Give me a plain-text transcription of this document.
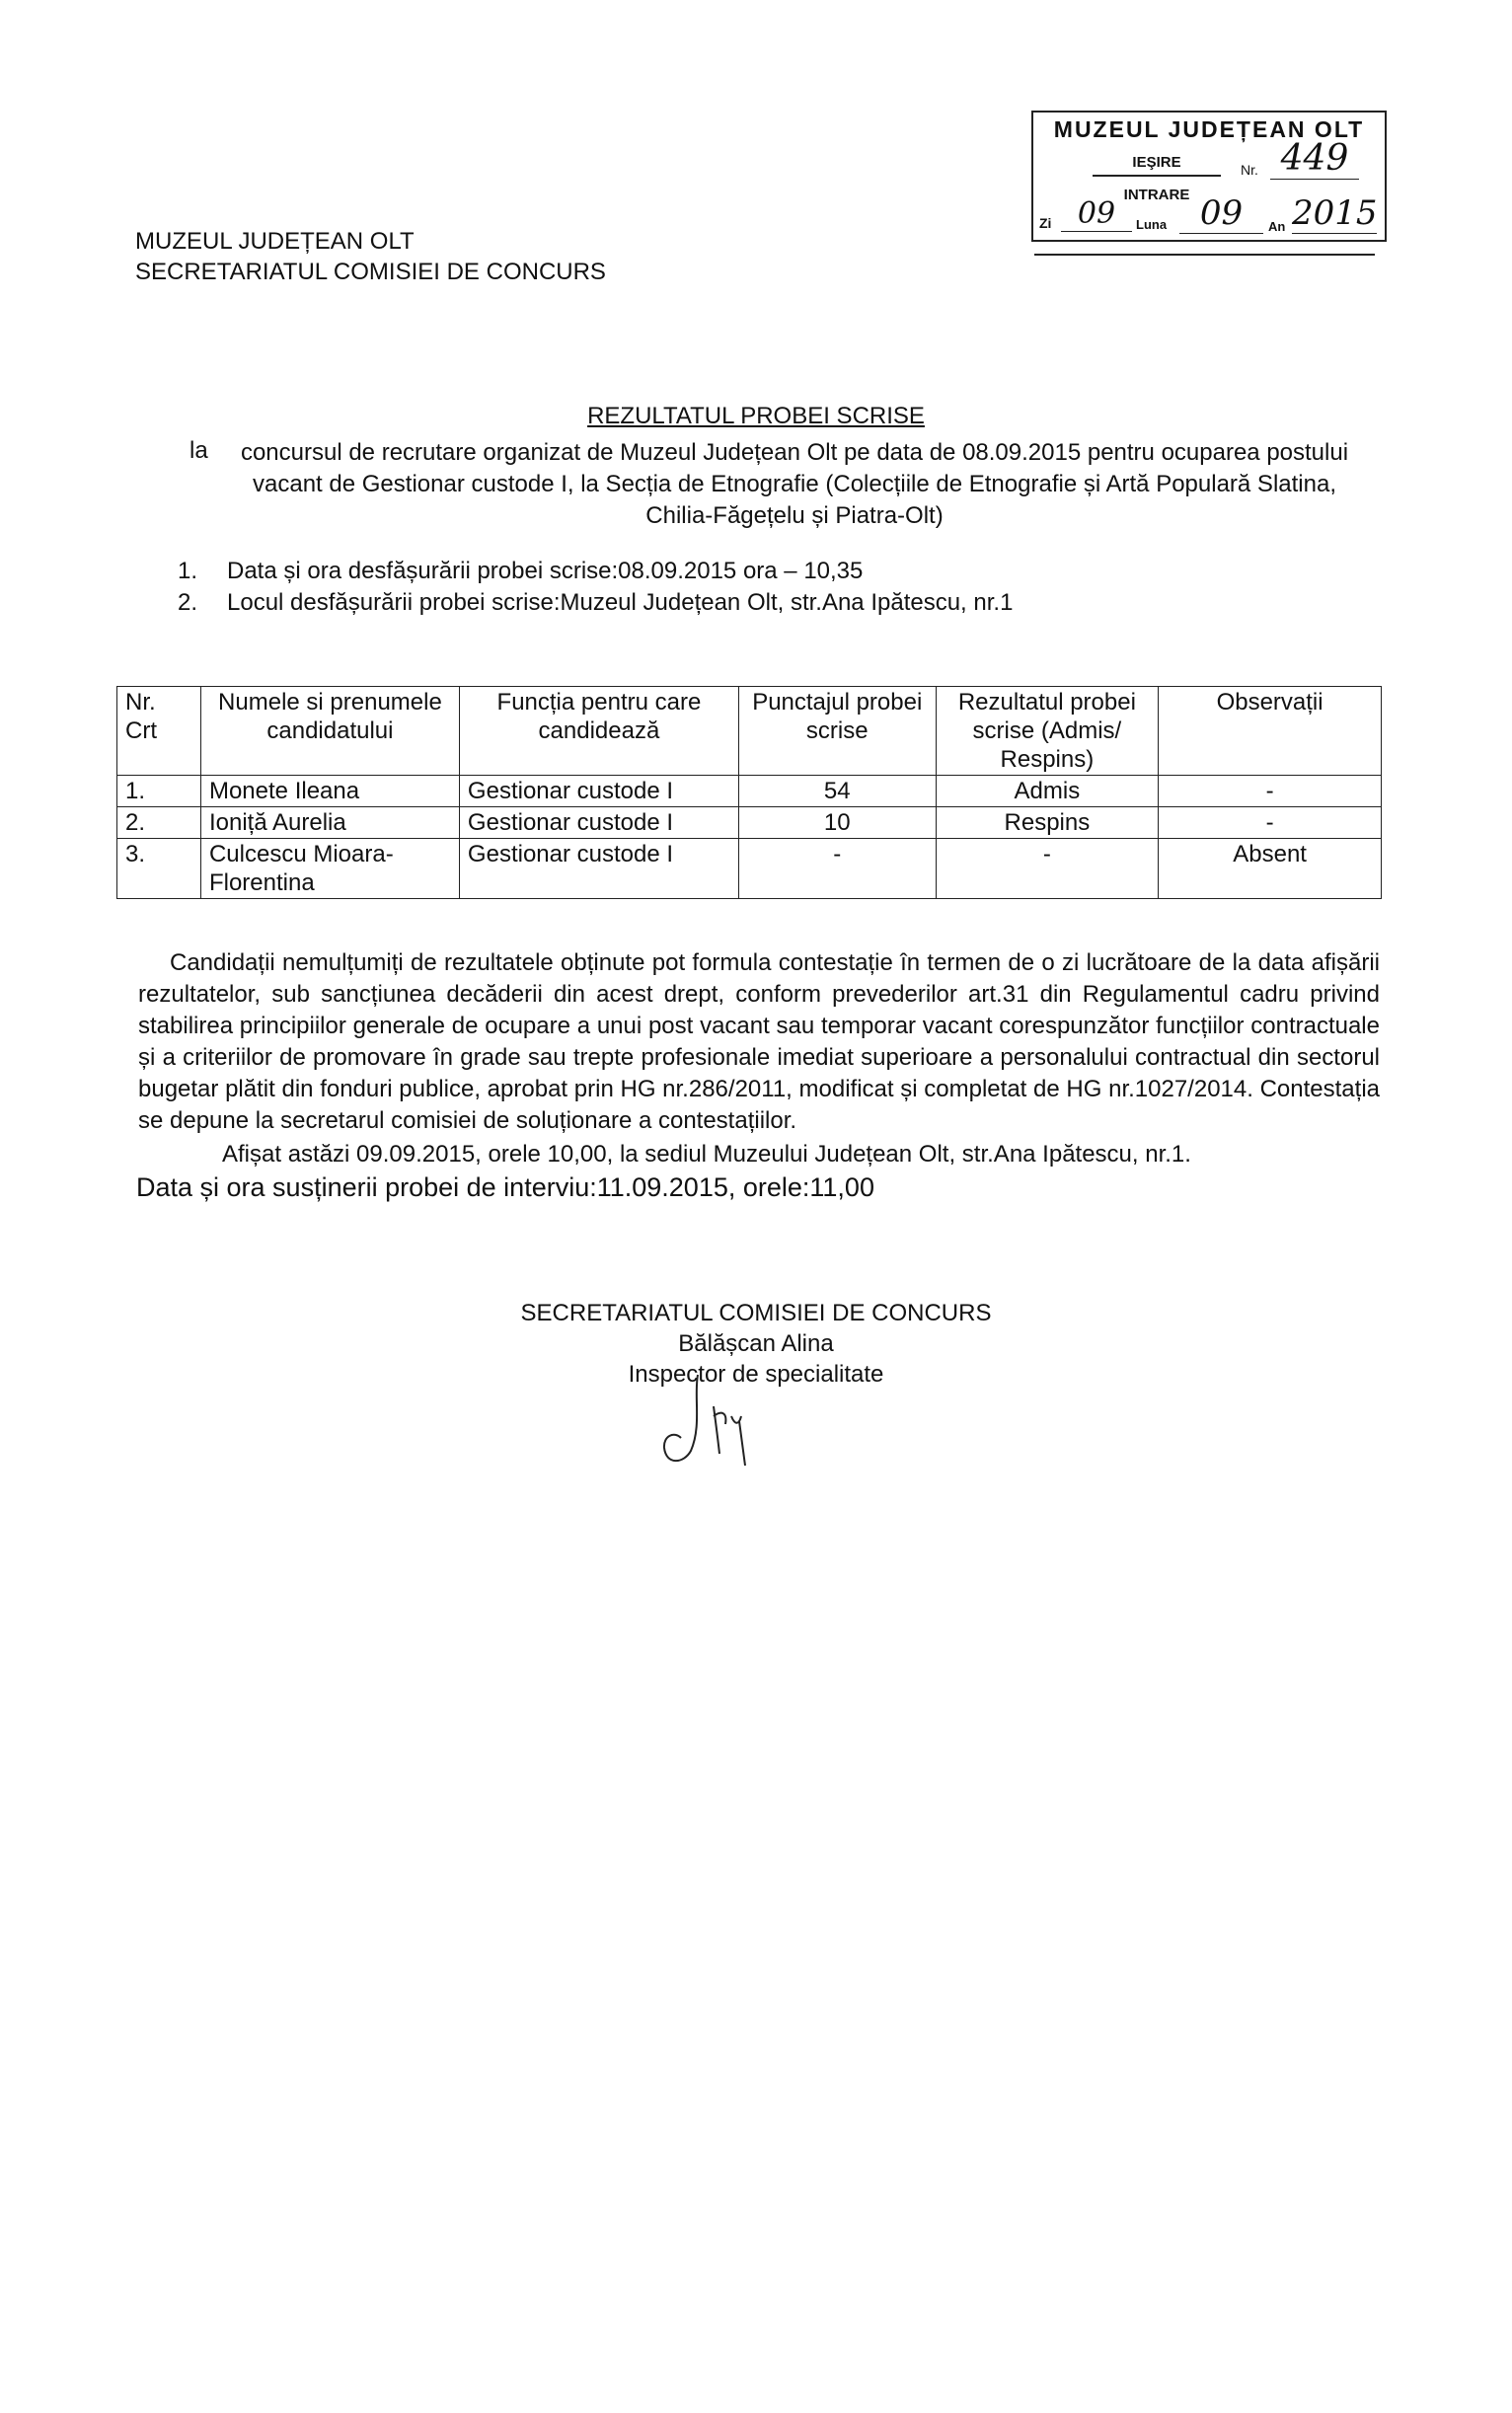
MUZEUL JUDEȚEAN OLT
IEŞIRE	Nr. 449
INTRARE
Zi 09	Luna 09	An 2015
MUZEUL JUDEȚEAN OLT
SECRETARIATUL COMISIEI DE CONCURS
REZULTATUL PROBEI SCRISE
la	concursul de recrutare organizat de Muzeul Județean Olt pe data de 08.09.2015 pentru ocuparea postului vacant de Gestionar custode I, la Secția de Etnografie (Colecțiile de Etnografie și Artă Populară Slatina, Chilia-Făgețelu și Piatra-Olt)
1. Data și ora desfășurării probei scrise:08.09.2015 ora – 10,35
2. Locul desfășurării probei scrise:Muzeul Județean Olt, str.Ana Ipătescu, nr.1
Nr. Crt	Numele si prenumele candidatului	Funcția pentru care candidează	Punctajul probei scrise	Rezultatul probei scrise (Admis/ Respins)	Observații
1.	Monete Ileana	Gestionar custode I	54	Admis	-
2.	Ioniță Aurelia	Gestionar custode I	10	Respins	-
3.	Culcescu Mioara-Florentina	Gestionar custode I	-	-	Absent

Candidații nemulțumiți de rezultatele obținute pot formula contestație în termen de o zi lucrătoare de la data afișării rezultatelor, sub sancțiunea decăderii din acest drept, conform prevederilor art.31 din Regulamentul cadru privind stabilirea principiilor generale de ocupare a unui post vacant sau temporar vacant corespunzător funcțiilor contractuale și a criteriilor de promovare în grade sau trepte profesionale imediat superioare a personalului contractual din sectorul bugetar plătit din fonduri publice, aprobat prin HG nr.286/2011, modificat și completat de HG nr.1027/2014. Contestația se depune la secretarul comisiei de soluționare a contestațiilor.

Afișat astăzi 09.09.2015, orele 10,00, la sediul Muzeului Județean Olt, str.Ana Ipătescu, nr.1.
Data și ora susținerii probei de interviu:11.09.2015, orele:11,00
SECRETARIATUL COMISIEI DE CONCURS
Bălășcan Alina
Inspector de specialitate
